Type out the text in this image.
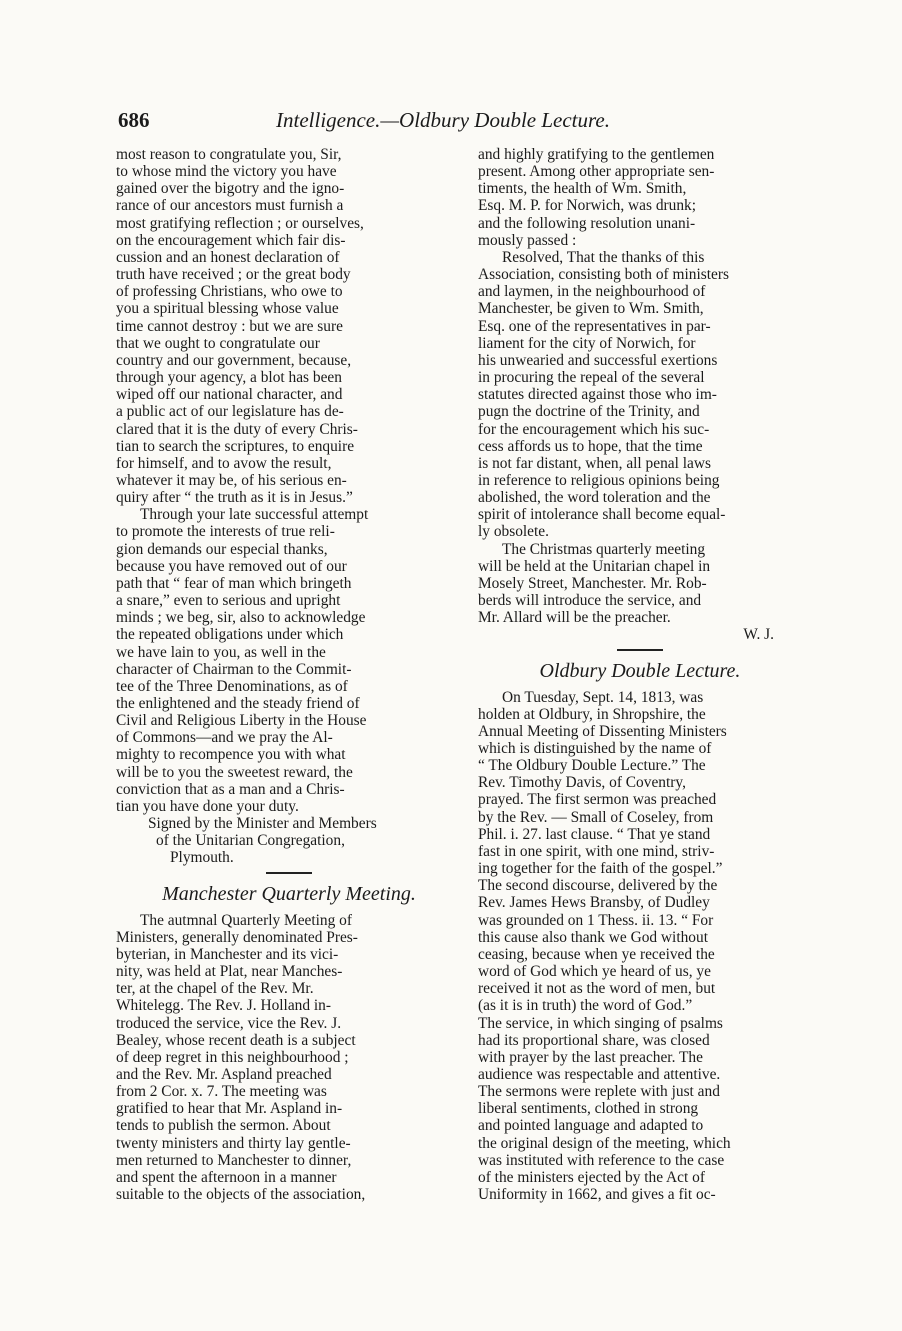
686	Intelligence.—Oldbury Double Lecture.

most reason to congratulate you, Sir,
to whose mind the victory you have
gained over the bigotry and the igno-
rance of our ancestors must furnish a
most gratifying reflection ; or ourselves,
on the encouragement which fair dis-
cussion and an honest declaration of
truth have received ; or the great body
of professing Christians, who owe to
you a spiritual blessing whose value
time cannot destroy : but we are sure
that we ought to congratulate our
country and our government, because,
through your agency, a blot has been
wiped off our national character, and
a public act of our legislature has de-
clared that it is the duty of every Chris-
tian to search the scriptures, to enquire
for himself, and to avow the result,
whatever it may be, of his serious en-
quiry after “ the truth as it is in Jesus.”

Through your late successful attempt
to promote the interests of true reli-
gion demands our especial thanks,
because you have removed out of our
path that “ fear of man which bringeth
a snare,” even to serious and upright
minds ; we beg, sir, also to acknowledge
the repeated obligations under which
we have lain to you, as well in the
character of Chairman to the Commit-
tee of the Three Denominations, as of
the enlightened and the steady friend of
Civil and Religious Liberty in the House
of Commons—and we pray the Al-
mighty to recompence you with what
will be to you the sweetest reward, the
conviction that as a man and a Chris-
tian you have done your duty.

Signed by the Minister and Members
of the Unitarian Congregation,
Plymouth.
Manchester Quarterly Meeting.

The autmnal Quarterly Meeting of
Ministers, generally denominated Pres-
byterian, in Manchester and its vici-
nity, was held at Plat, near Manches-
ter, at the chapel of the Rev. Mr.
Whitelegg. The Rev. J. Holland in-
troduced the service, vice the Rev. J.
Bealey, whose recent death is a subject
of deep regret in this neighbourhood ;
and the Rev. Mr. Aspland preached
from 2 Cor. x. 7. The meeting was
gratified to hear that Mr. Aspland in-
tends to publish the sermon. About
twenty ministers and thirty lay gentle-
men returned to Manchester to dinner,
and spent the afternoon in a manner
suitable to the objects of the association,

and highly gratifying to the gentlemen
present. Among other appropriate sen-
timents, the health of Wm. Smith,
Esq. M. P. for Norwich, was drunk;
and the following resolution unani-
mously passed :

Resolved, That the thanks of this
Association, consisting both of ministers
and laymen, in the neighbourhood of
Manchester, be given to Wm. Smith,
Esq. one of the representatives in par-
liament for the city of Norwich, for
his unwearied and successful exertions
in procuring the repeal of the several
statutes directed against those who im-
pugn the doctrine of the Trinity, and
for the encouragement which his suc-
cess affords us to hope, that the time
is not far distant, when, all penal laws
in reference to religious opinions being
abolished, the word toleration and the
spirit of intolerance shall become equal-
ly obsolete.

The Christmas quarterly meeting
will be held at the Unitarian chapel in
Mosely Street, Manchester. Mr. Rob-
berds will introduce the service, and
Mr. Allard will be the preacher.

W. J.
Oldbury Double Lecture.

On Tuesday, Sept. 14, 1813, was
holden at Oldbury, in Shropshire, the
Annual Meeting of Dissenting Ministers
which is distinguished by the name of
“ The Oldbury Double Lecture.” The
Rev. Timothy Davis, of Coventry,
prayed. The first sermon was preached
by the Rev. — Small of Coseley, from
Phil. i. 27. last clause. “ That ye stand
fast in one spirit, with one mind, striv-
ing together for the faith of the gospel.”
The second discourse, delivered by the
Rev. James Hews Bransby, of Dudley
was grounded on 1 Thess. ii. 13. “ For
this cause also thank we God without
ceasing, because when ye received the
word of God which ye heard of us, ye
received it not as the word of men, but
(as it is in truth) the word of God.”
The service, in which singing of psalms
had its proportional share, was closed
with prayer by the last preacher. The
audience was respectable and attentive.
The sermons were replete with just and
liberal sentiments, clothed in strong
and pointed language and adapted to
the original design of the meeting, which
was instituted with reference to the case
of the ministers ejected by the Act of
Uniformity in 1662, and gives a fit oc-
